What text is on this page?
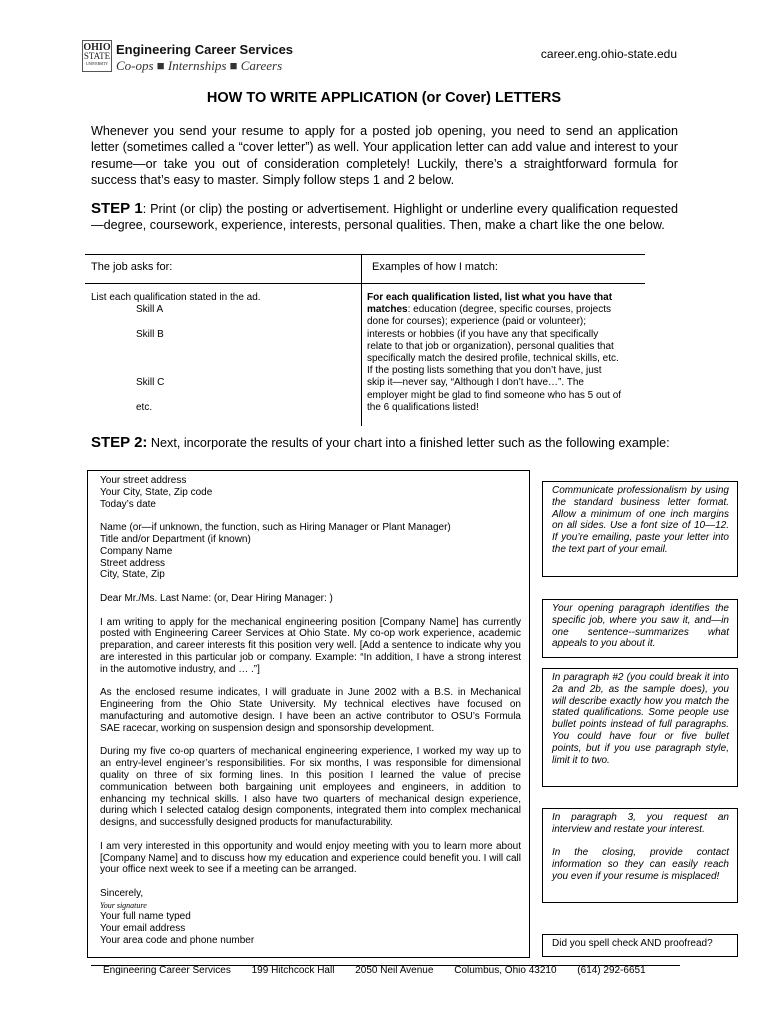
OHIO
STATE
UNIVERSITY
Engineering Career Services
Co-ops ■ Internships ■ Careers
career.eng.ohio-state.edu
HOW TO WRITE APPLICATION (or Cover) LETTERS
Whenever you send your resume to apply for a posted job opening, you need to send an application letter (sometimes called a “cover letter”) as well. Your application letter can add value and interest to your resume—or take you out of consideration completely! Luckily, there’s a straightforward formula for success that’s easy to master. Simply follow steps 1 and 2 below.
STEP 1: Print (or clip) the posting or advertisement. Highlight or underline every qualification requested—degree, coursework, experience, interests, personal qualities. Then, make a chart like the one below.
The job asks for:	Examples of how I match:
List each qualification stated in the ad.
Skill A

Skill B

Skill C

etc.
For each qualification listed, list what you have that matches: education (degree, specific courses, projects done for courses); experience (paid or volunteer); interests or hobbies (if you have any that specifically relate to that job or organization), personal qualities that specifically match the desired profile, technical skills, etc. If the posting lists something that you don’t have, just skip it—never say, “Although I don’t have…”. The employer might be glad to find someone who has 5 out of the 6 qualifications listed!
STEP 2: Next, incorporate the results of your chart into a finished letter such as the following example:
Your street address
Your City, State, Zip code
Today’s date
Name (or—if unknown, the function, such as Hiring Manager or Plant Manager)
Title and/or Department (if known)
Company Name
Street address
City, State, Zip

Dear Mr./Ms. Last Name: (or, Dear Hiring Manager: )

I am writing to apply for the mechanical engineering position [Company Name] has currently posted with Engineering Career Services at Ohio State. My co-op work experience, academic preparation, and career interests fit this position very well. [Add a sentence to indicate why you are interested in this particular job or company. Example: “In addition, I have a strong interest in the automotive industry, and … .”]

As the enclosed resume indicates, I will graduate in June 2002 with a B.S. in Mechanical Engineering from the Ohio State University. My technical electives have focused on manufacturing and automotive design. I have been an active contributor to OSU’s Formula SAE racecar, working on suspension design and sponsorship development.

During my five co-op quarters of mechanical engineering experience, I worked my way up to an entry-level engineer’s responsibilities. For six months, I was responsible for dimensional quality on three of six forming lines. In this position I learned the value of precise communication between both bargaining unit employees and engineers, in addition to enhancing my technical skills. I also have two quarters of mechanical design experience, during which I selected catalog design components, integrated them into complex mechanical designs, and successfully designed products for manufacturability.

I am very interested in this opportunity and would enjoy meeting with you to learn more about [Company Name] and to discuss how my education and experience could benefit you. I will call your office next week to see if a meeting can be arranged.

Sincerely,
Your signature
Your full name typed
Your email address
Your area code and phone number

Communicate professionalism by using the standard business letter format. Allow a minimum of one inch margins on all sides. Use a font size of 10—12. If you’re emailing, paste your letter into the text part of your email.

Your opening paragraph identifies the specific job, where you saw it, and—in one sentence--summarizes what appeals to you about it.

In paragraph #2 (you could break it into 2a and 2b, as the sample does), you will describe exactly how you match the stated qualifications. Some people use bullet points instead of full paragraphs. You could have four or five bullet points, but if you use paragraph style, limit it to two.

In paragraph 3, you request an interview and restate your interest.

In the closing, provide contact information so they can easily reach you even if your resume is misplaced!

Did you spell check AND proofread?
Engineering Career Services 199 Hitchcock Hall 2050 Neil Avenue Columbus, Ohio 43210 (614) 292-6651
